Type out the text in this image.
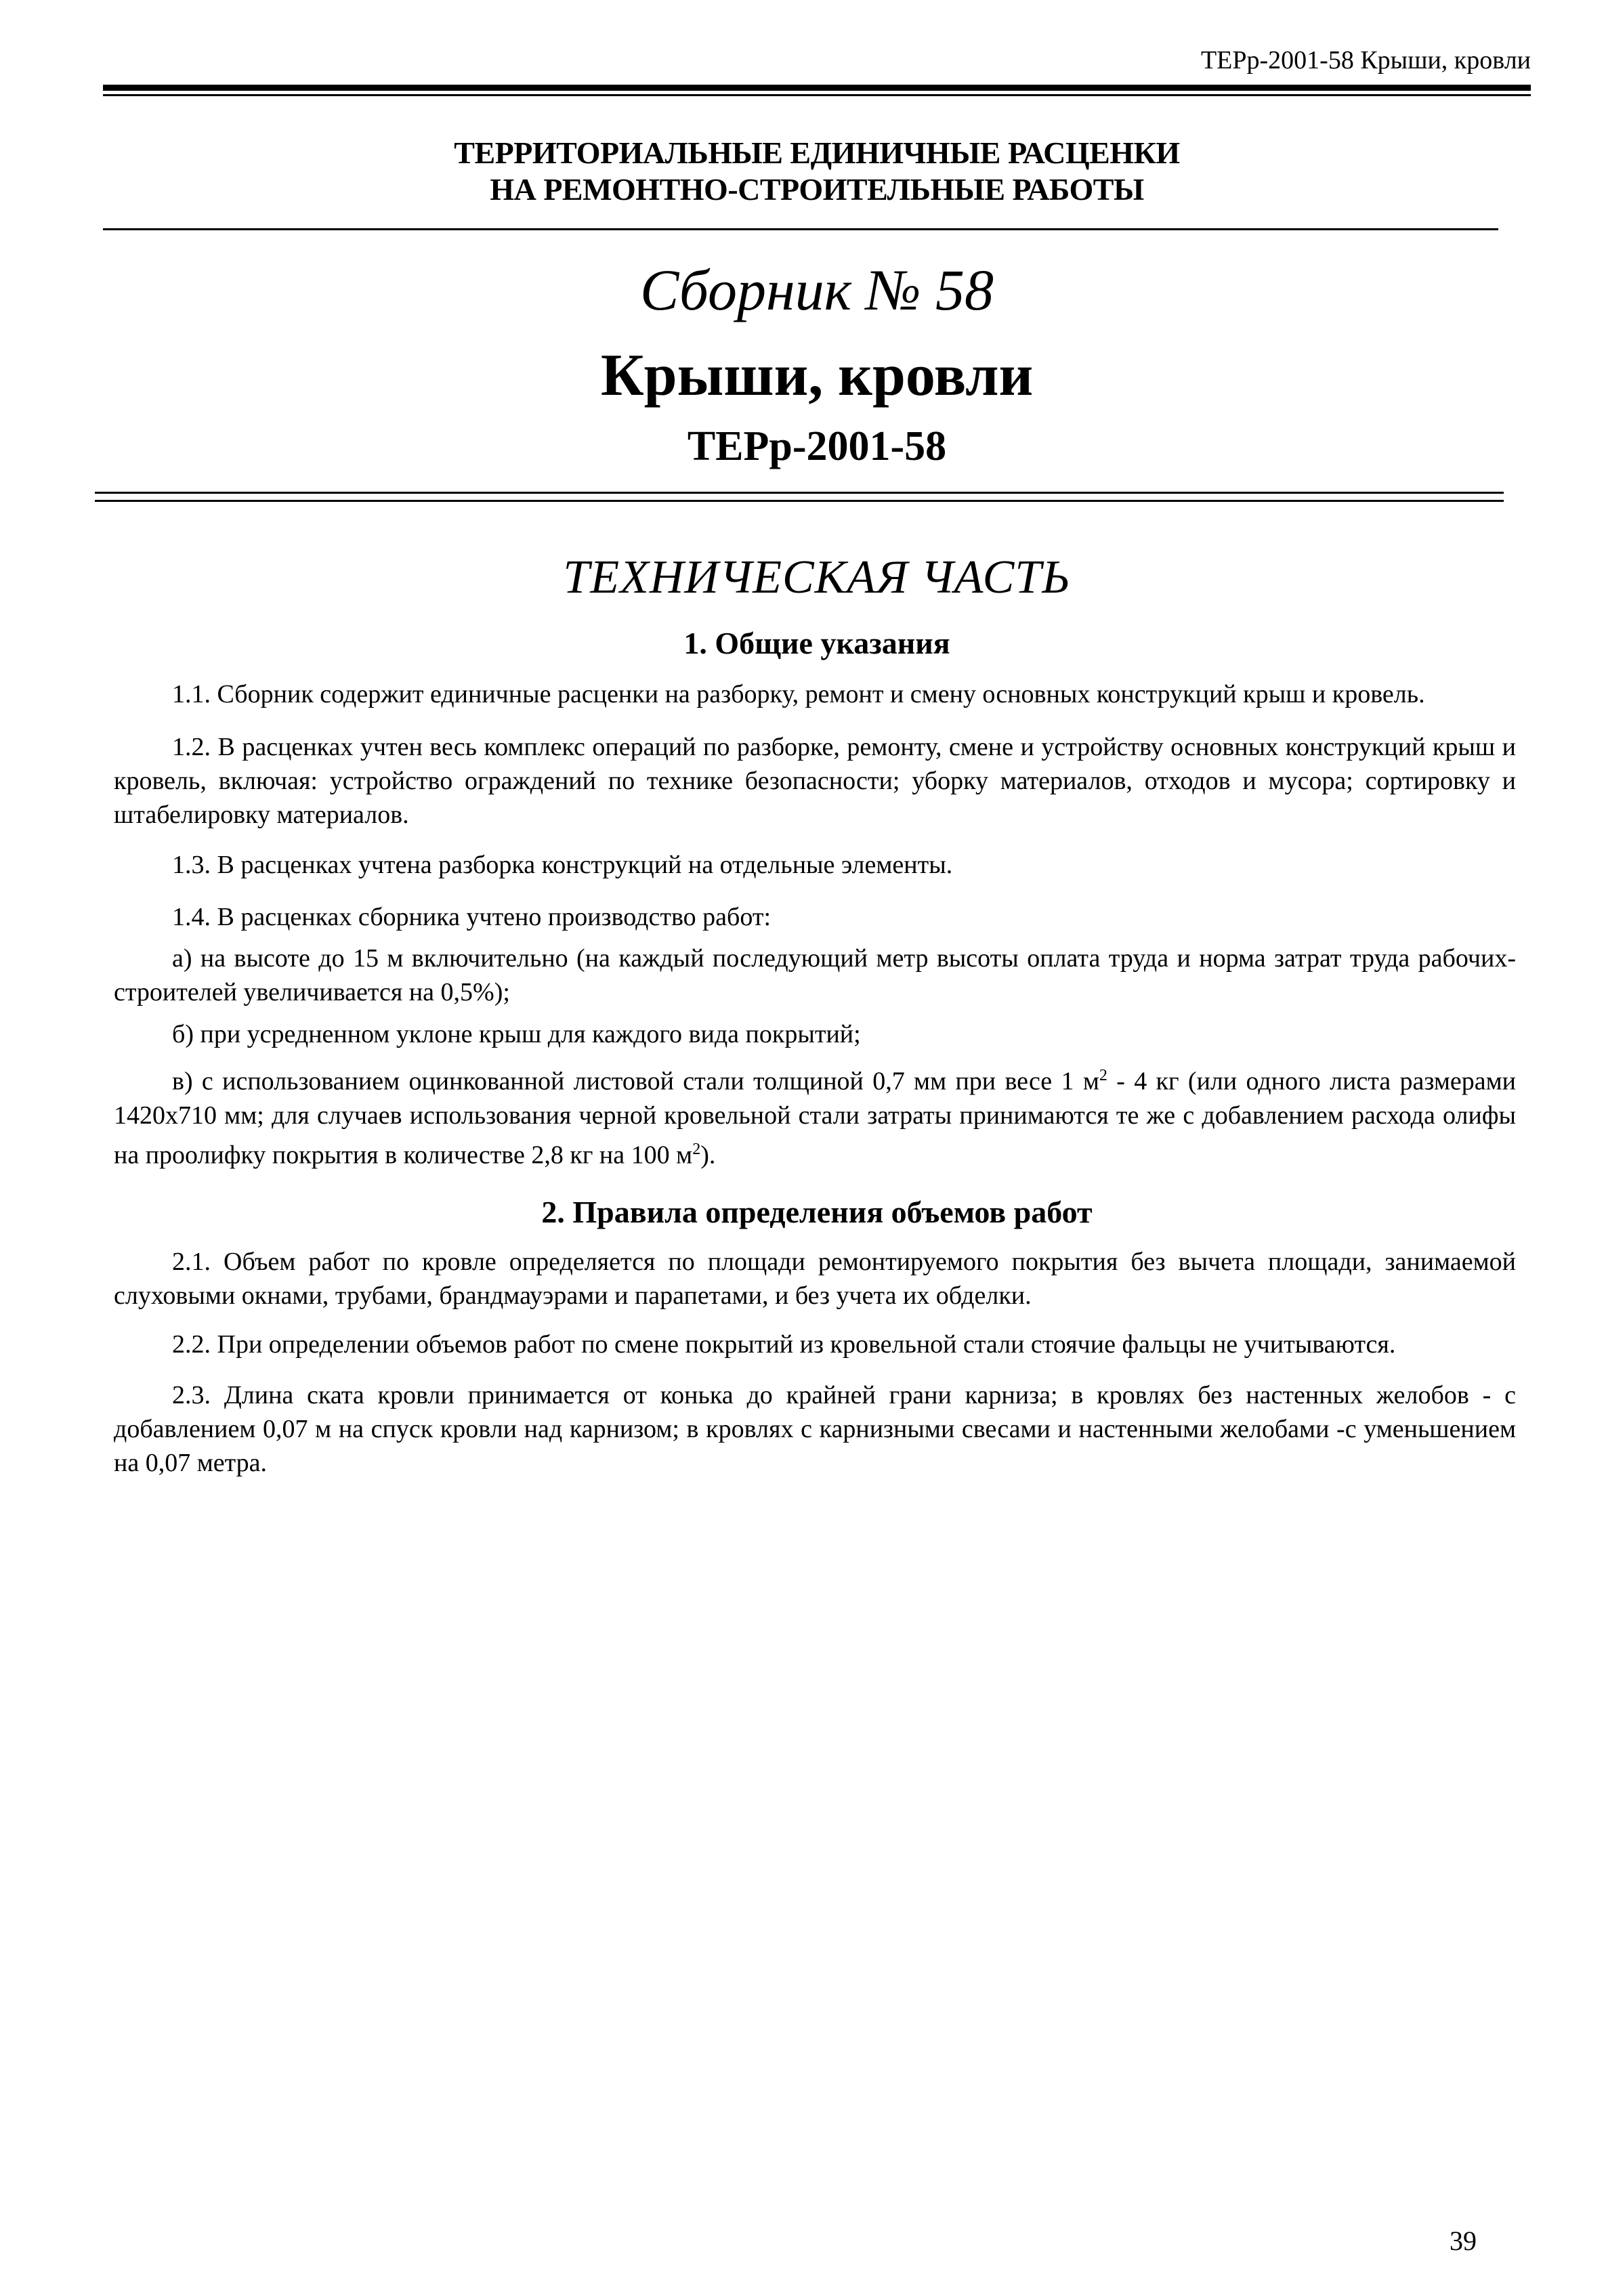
ТЕРр-2001-58 Крыши, кровли
ТЕРРИТОРИАЛЬНЫЕ ЕДИНИЧНЫЕ РАСЦЕНКИ
НА РЕМОНТНО-СТРОИТЕЛЬНЫЕ РАБОТЫ
Сборник № 58
Крыши, кровли
ТЕРр-2001-58
ТЕХНИЧЕСКАЯ ЧАСТЬ
1. Общие указания
1.1. Сборник содержит единичные расценки на разборку, ремонт и смену основных конструкций крыш и кровель.
1.2. В расценках учтен весь комплекс операций по разборке, ремонту, смене и устройству основных конструкций крыш и кровель, включая: устройство ограждений по технике безопасности; уборку материалов, отходов и мусора; сортировку и штабелировку материалов.
1.3. В расценках учтена разборка конструкций на отдельные элементы.
1.4. В расценках сборника учтено производство работ:
а) на высоте до 15 м включительно (на каждый последующий метр высоты оплата труда и норма затрат труда рабочих-строителей увеличивается на 0,5%);
б) при усредненном уклоне крыш для каждого вида покрытий;
в) с использованием оцинкованной листовой стали толщиной 0,7 мм при весе 1 $м^2 - 4$ кг (или одного листа размерами 1420х710 мм; для случаев использования черной кровельной стали затраты принимаются те же с добавлением расхода олифы на проолифку покрытия в количестве 2,8 кг на 100 $м^2$).
2. Правила определения объемов работ
2.1. Объем работ по кровле определяется по площади ремонтируемого покрытия без вычета площади, занимаемой слуховыми окнами, трубами, брандмауэрами и парапетами, и без учета их обделки.
2.2. При определении объемов работ по смене покрытий из кровельной стали стоячие фальцы не учитываются.
2.3. Длина ската кровли принимается от конька до крайней грани карниза; в кровлях без настенных желобов - с добавлением 0,07 м на спуск кровли над карнизом; в кровлях с карнизными свесами и настенными желобами -с уменьшением на 0,07 метра.
39
